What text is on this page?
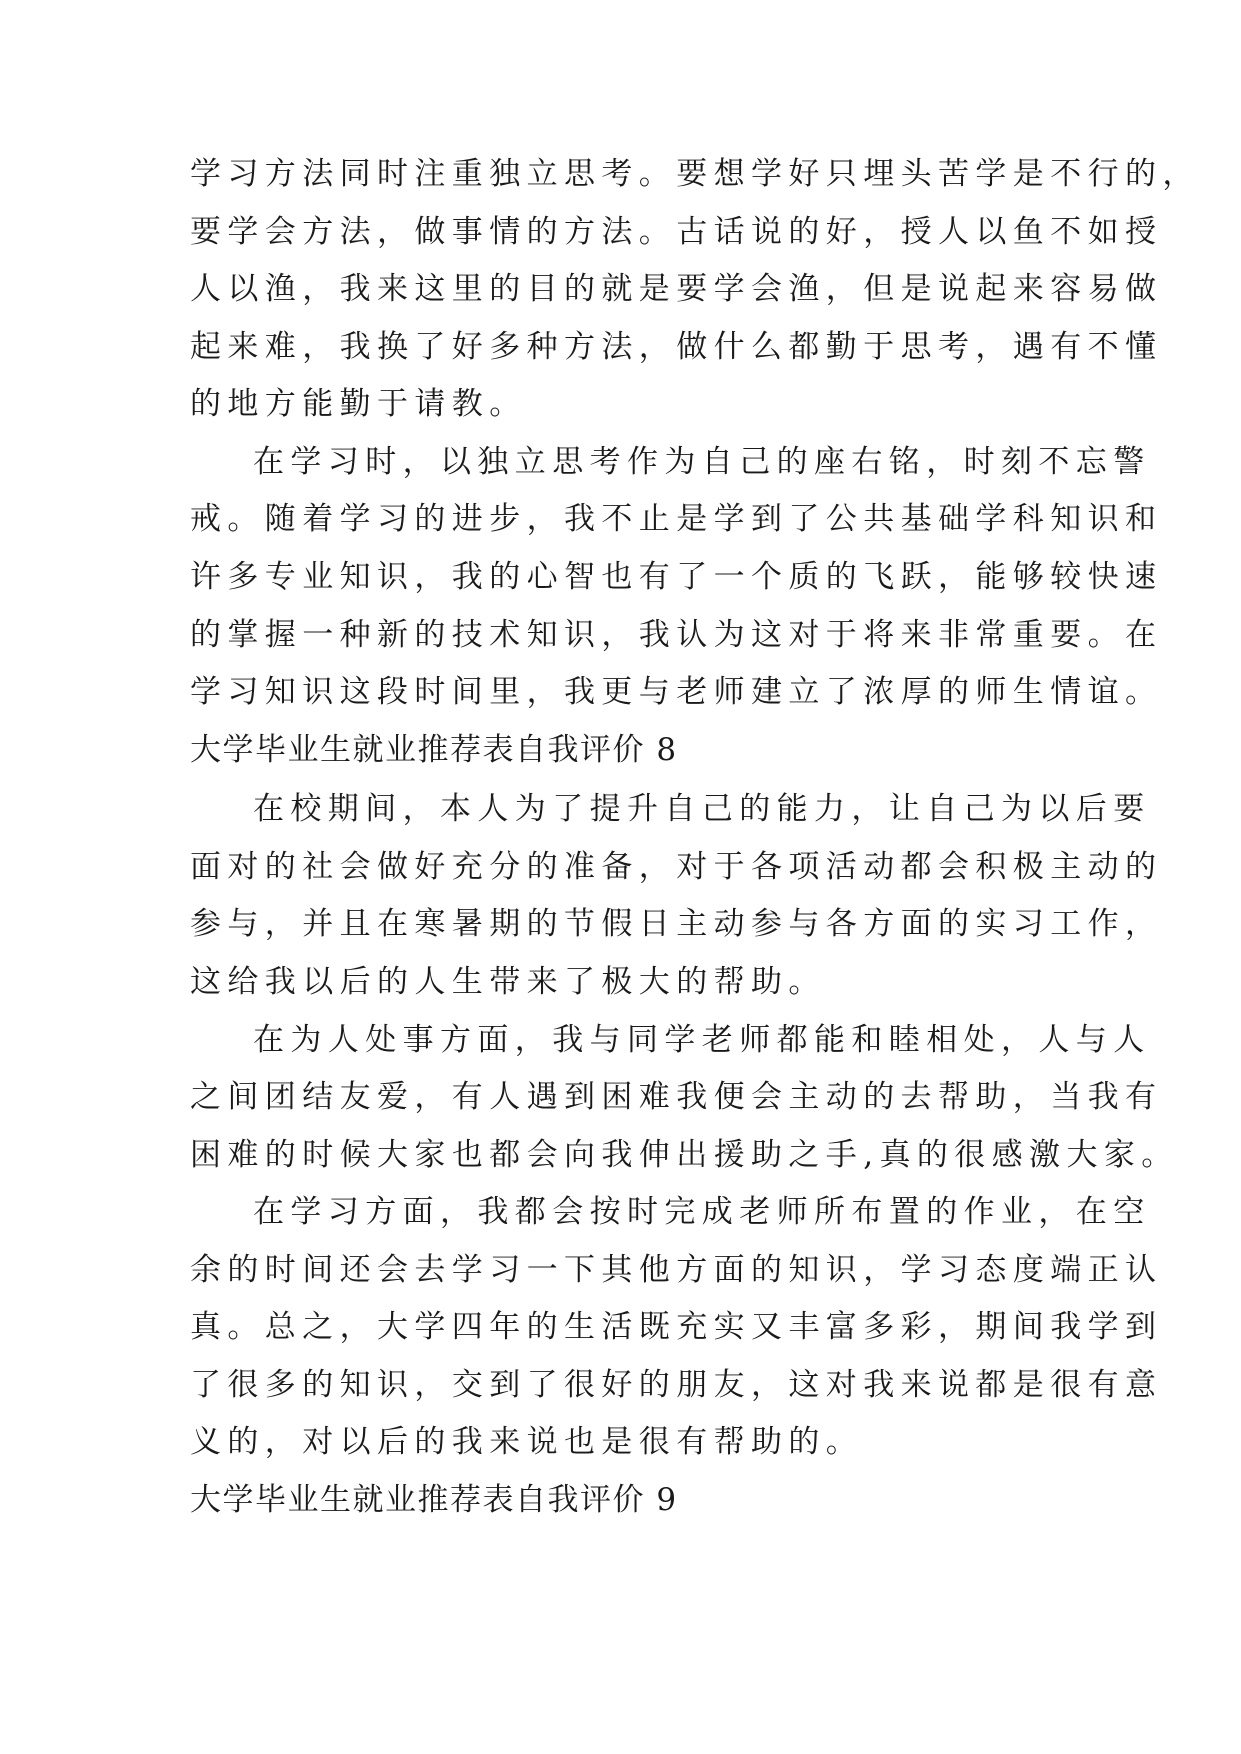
学习方法同时注重独立思考。要想学好只埋头苦学是不行的，
要学会方法，做事情的方法。古话说的好，授人以鱼不如授
人以渔，我来这里的目的就是要学会渔，但是说起来容易做
起来难，我换了好多种方法，做什么都勤于思考，遇有不懂
的地方能勤于请教。
在学习时，以独立思考作为自己的座右铭，时刻不忘警
戒。随着学习的进步，我不止是学到了公共基础学科知识和
许多专业知识，我的心智也有了一个质的飞跃，能够较快速
的掌握一种新的技术知识，我认为这对于将来非常重要。在
学习知识这段时间里，我更与老师建立了浓厚的师生情谊。
大学毕业生就业推荐表自我评价 8
在校期间，本人为了提升自己的能力，让自己为以后要
面对的社会做好充分的准备，对于各项活动都会积极主动的
参与，并且在寒暑期的节假日主动参与各方面的实习工作，
这给我以后的人生带来了极大的帮助。
在为人处事方面，我与同学老师都能和睦相处，人与人
之间团结友爱，有人遇到困难我便会主动的去帮助，当我有
困难的时候大家也都会向我伸出援助之手,真的很感激大家。
在学习方面，我都会按时完成老师所布置的作业，在空
余的时间还会去学习一下其他方面的知识，学习态度端正认
真。总之，大学四年的生活既充实又丰富多彩，期间我学到
了很多的知识，交到了很好的朋友，这对我来说都是很有意
义的，对以后的我来说也是很有帮助的。
大学毕业生就业推荐表自我评价 9
